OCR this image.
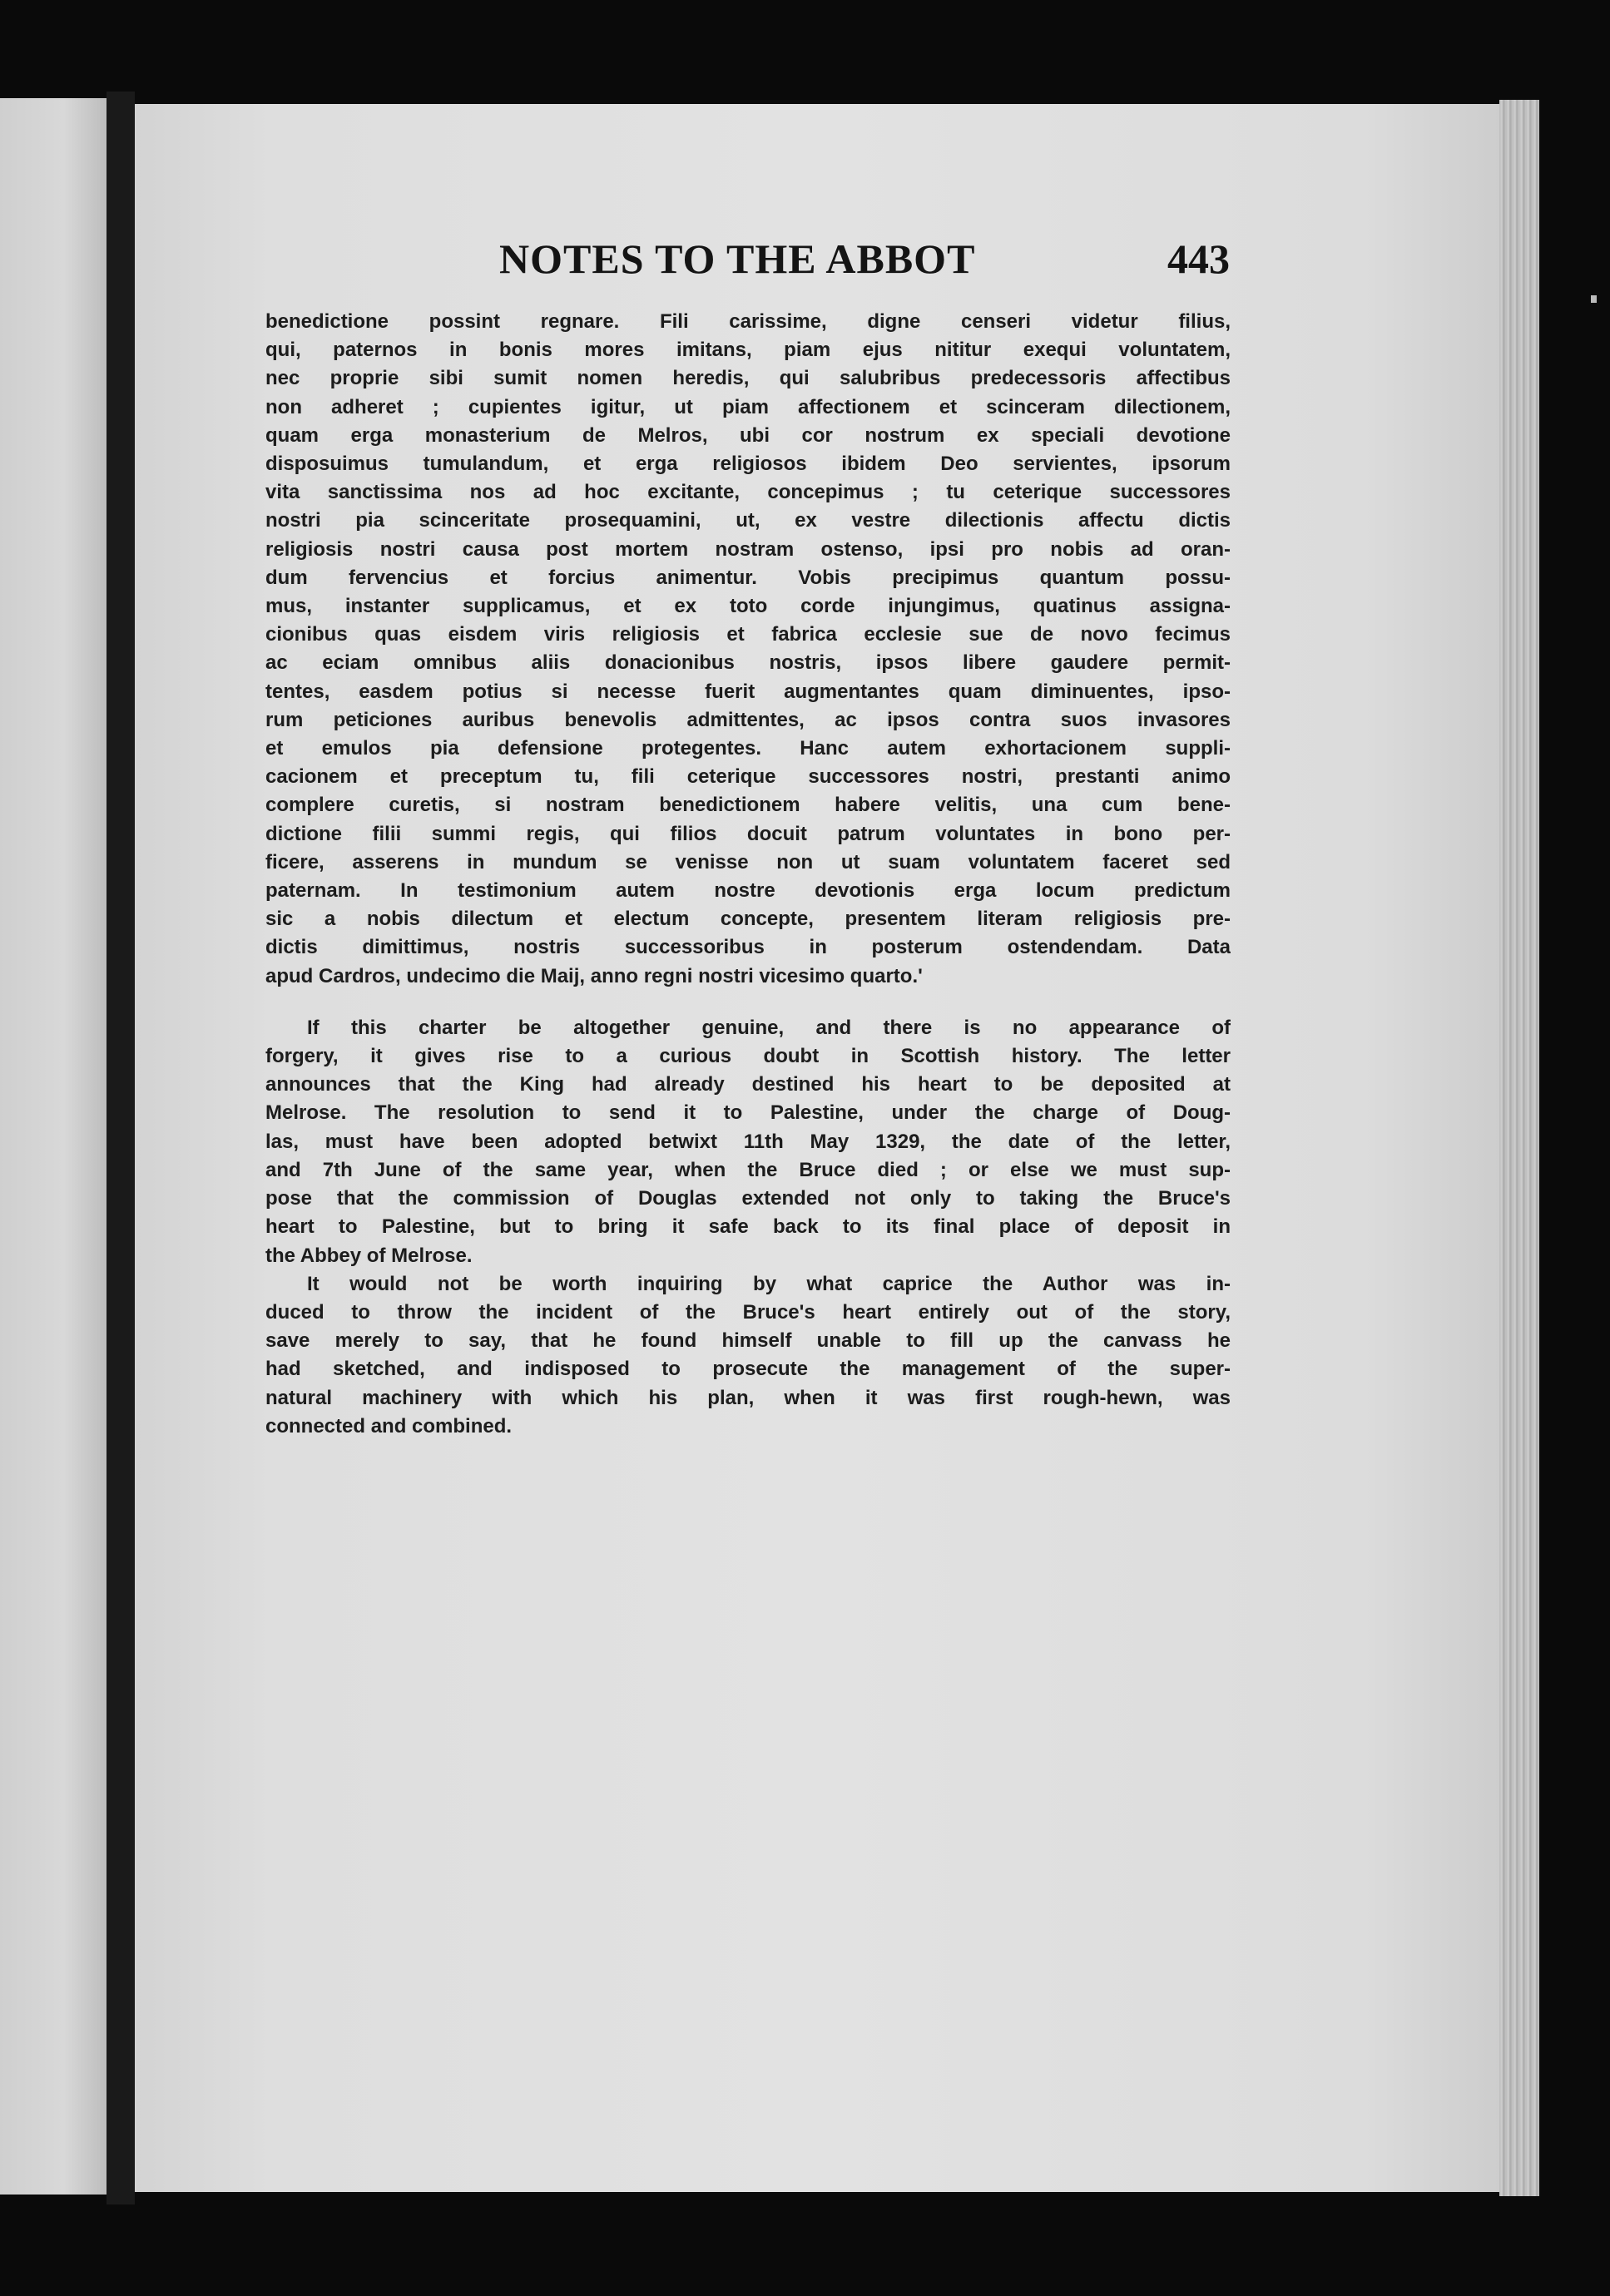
NOTES TO THE ABBOT	443
benedictione possint regnare. Fili carissime, digne censeri videtur filius,
qui, paternos in bonis mores imitans, piam ejus nititur exequi voluntatem,
nec proprie sibi sumit nomen heredis, qui salubribus predecessoris affectibus
non adheret ; cupientes igitur, ut piam affectionem et scinceram dilectionem,
quam erga monasterium de Melros, ubi cor nostrum ex speciali devotione
disposuimus tumulandum, et erga religiosos ibidem Deo servientes, ipsorum
vita sanctissima nos ad hoc excitante, concepimus ; tu ceterique successores
nostri pia scinceritate prosequamini, ut, ex vestre dilectionis affectu dictis
religiosis nostri causa post mortem nostram ostenso, ipsi pro nobis ad oran-
dum fervencius et forcius animentur. Vobis precipimus quantum possu-
mus, instanter supplicamus, et ex toto corde injungimus, quatinus assigna-
cionibus quas eisdem viris religiosis et fabrica ecclesie sue de novo fecimus
ac eciam omnibus aliis donacionibus nostris, ipsos libere gaudere permit-
tentes, easdem potius si necesse fuerit augmentantes quam diminuentes, ipso-
rum peticiones auribus benevolis admittentes, ac ipsos contra suos invasores
et emulos pia defensione protegentes. Hanc autem exhortacionem suppli-
cacionem et preceptum tu, fili ceterique successores nostri, prestanti animo
complere curetis, si nostram benedictionem habere velitis, una cum bene-
dictione filii summi regis, qui filios docuit patrum voluntates in bono per-
ficere, asserens in mundum se venisse non ut suam voluntatem faceret sed
paternam. In testimonium autem nostre devotionis erga locum predictum
sic a nobis dilectum et electum concepte, presentem literam religiosis pre-
dictis dimittimus, nostris successoribus in posterum ostendendam. Data
apud Cardros, undecimo die Maij, anno regni nostri vicesimo quarto.'
If this charter be altogether genuine, and there is no appearance of
forgery, it gives rise to a curious doubt in Scottish history. The letter
announces that the King had already destined his heart to be deposited at
Melrose. The resolution to send it to Palestine, under the charge of Doug-
las, must have been adopted betwixt 11th May 1329, the date of the letter,
and 7th June of the same year, when the Bruce died ; or else we must sup-
pose that the commission of Douglas extended not only to taking the Bruce's
heart to Palestine, but to bring it safe back to its final place of deposit in
the Abbey of Melrose.
It would not be worth inquiring by what caprice the Author was in-
duced to throw the incident of the Bruce's heart entirely out of the story,
save merely to say, that he found himself unable to fill up the canvass he
had sketched, and indisposed to prosecute the management of the super-
natural machinery with which his plan, when it was first rough-hewn, was
connected and combined.
